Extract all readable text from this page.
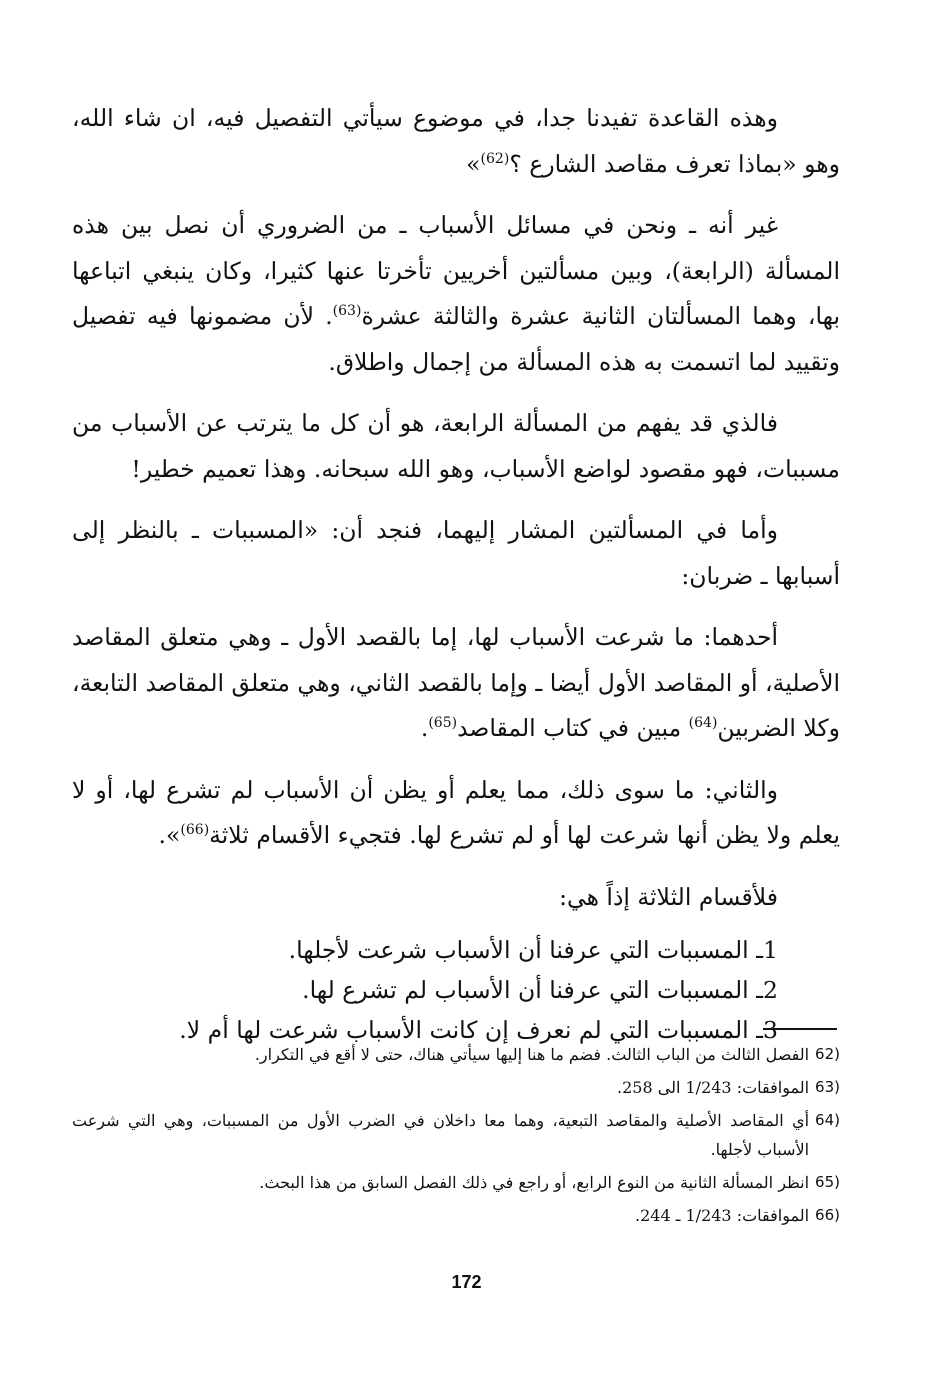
وهذه القاعدة تفيدنا جدا، في موضوع سيأتي التفصيل فيه، ان شاء الله، وهو «بماذا تعرف مقاصد الشارع ؟$^{(62)}$»

غير أنه ـ ونحن في مسائل الأسباب ـ من الضروري أن نصل بين هذه المسألة (الرابعة)، وبين مسألتين أخريين تأخرتا عنها كثيرا، وكان ينبغي اتباعها بها، وهما المسألتان الثانية عشرة والثالثة عشرة$^{(63)}$. لأن مضمونها فيه تفصيل وتقييد لما اتسمت به هذه المسألة من إجمال واطلاق.

فالذي قد يفهم من المسألة الرابعة، هو أن كل ما يترتب عن الأسباب من مسببات، فهو مقصود لواضع الأسباب، وهو الله سبحانه. وهذا تعميم خطير!

وأما في المسألتين المشار إليهما، فنجد أن: «المسببات ـ بالنظر إلى أسبابها ـ ضربان:

أحدهما: ما شرعت الأسباب لها، إما بالقصد الأول ـ وهي متعلق المقاصد الأصلية، أو المقاصد الأول أيضا ـ وإما بالقصد الثاني، وهي متعلق المقاصد التابعة، وكلا الضربين$^{(64)}$ مبين في كتاب المقاصد$^{(65)}$.

والثاني: ما سوى ذلك، مما يعلم أو يظن أن الأسباب لم تشرع لها، أو لا يعلم ولا يظن أنها شرعت لها أو لم تشرع لها. فتجيء الأقسام ثلاثة$^{(66)}$».

فلأقسام الثلاثة إذاً هي:

1ـ المسببات التي عرفنا أن الأسباب شرعت لأجلها.
2ـ المسببات التي عرفنا أن الأسباب لم تشرع لها.
3ـ المسببات التي لم نعرف إن كانت الأسباب شرعت لها أم لا.
62)
الفصل الثالث من الباب الثالث. فضم ما هنا إليها سيأتي هناك، حتى لا أقع في التكرار.
63)
الموافقات: 1/243 الى 258.
64)
أي المقاصد الأصلية والمقاصد التبعية، وهما معا داخلان في الضرب الأول من المسببات، وهي التي شرعت الأسباب لأجلها.
65)
انظر المسألة الثانية من النوع الرابع، أو راجع في ذلك الفصل السابق من هذا البحث.
66)
الموافقات: 1/243 ـ 244.
172
